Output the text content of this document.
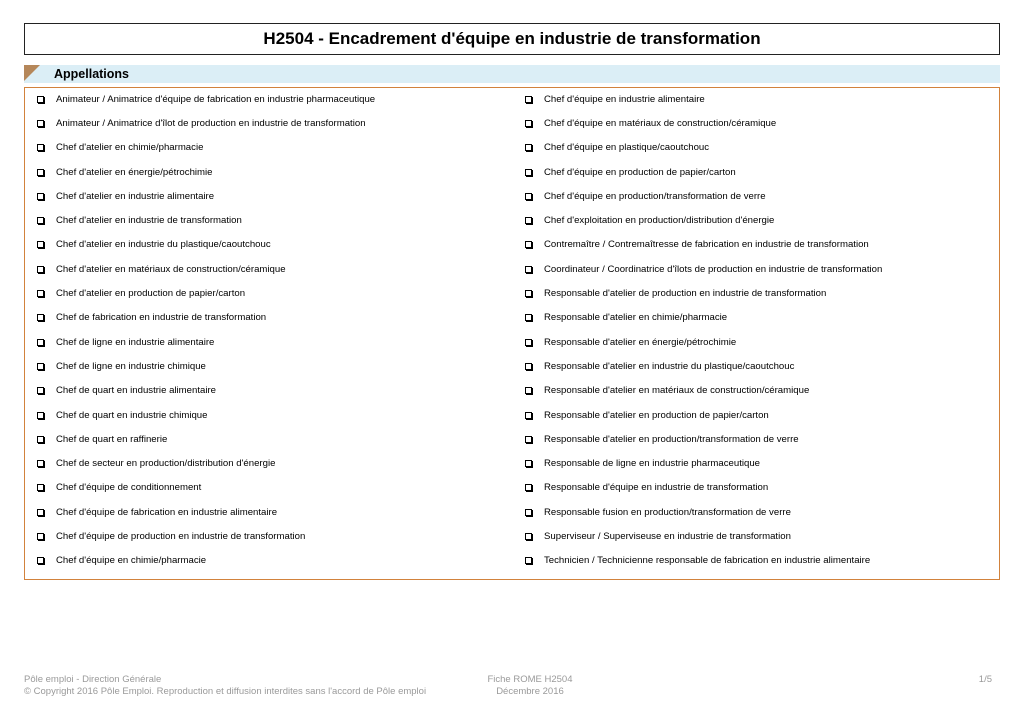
H2504 - Encadrement d'équipe en industrie de transformation
Appellations
Animateur / Animatrice d'équipe de fabrication en industrie pharmaceutique
Animateur / Animatrice d'îlot de production en industrie de transformation
Chef d'atelier en chimie/pharmacie
Chef d'atelier en énergie/pétrochimie
Chef d'atelier en industrie alimentaire
Chef d'atelier en industrie de transformation
Chef d'atelier en industrie du plastique/caoutchouc
Chef d'atelier en matériaux de construction/céramique
Chef d'atelier en production de papier/carton
Chef de fabrication en industrie de transformation
Chef de ligne en industrie alimentaire
Chef de ligne en industrie chimique
Chef de quart en industrie alimentaire
Chef de quart en industrie chimique
Chef de quart en raffinerie
Chef de secteur en production/distribution d'énergie
Chef d'équipe de conditionnement
Chef d'équipe de fabrication en industrie alimentaire
Chef d'équipe de production en industrie de transformation
Chef d'équipe en chimie/pharmacie
Chef d'équipe en industrie alimentaire
Chef d'équipe en matériaux de construction/céramique
Chef d'équipe en plastique/caoutchouc
Chef d'équipe en production de papier/carton
Chef d'équipe en production/transformation de verre
Chef d'exploitation en production/distribution d'énergie
Contremaître / Contremaîtresse de fabrication en industrie de transformation
Coordinateur / Coordinatrice d'îlots de production en industrie de transformation
Responsable d'atelier de production en industrie de transformation
Responsable d'atelier en chimie/pharmacie
Responsable d'atelier en énergie/pétrochimie
Responsable d'atelier en industrie du plastique/caoutchouc
Responsable d'atelier en matériaux de construction/céramique
Responsable d'atelier en production de papier/carton
Responsable d'atelier en production/transformation de verre
Responsable de ligne en industrie pharmaceutique
Responsable d'équipe en industrie de transformation
Responsable fusion en production/transformation de verre
Superviseur / Superviseuse en industrie de transformation
Technicien / Technicienne responsable de fabrication en industrie alimentaire
Pôle emploi - Direction Générale
© Copyright 2016 Pôle Emploi. Reproduction et diffusion interdites sans l'accord de Pôle emploi
Fiche ROME H2504
Décembre 2016
1/5
